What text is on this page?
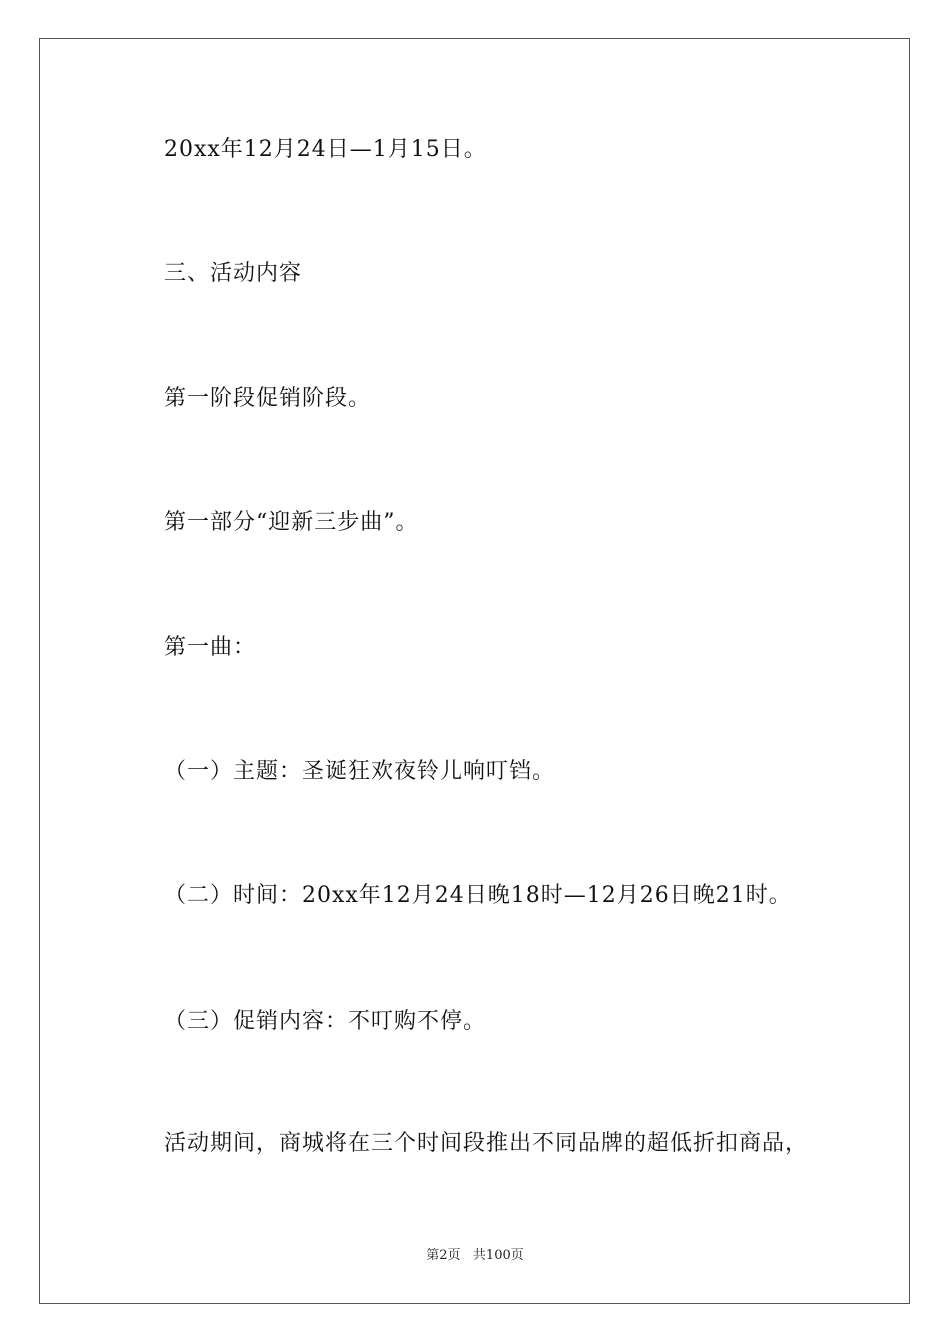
20xx年12月24日—1月15日。
三、活动内容
第一阶段促销阶段。
第一部分“迎新三步曲”。
第一曲：
（一）主题：圣诞狂欢夜铃儿响叮铛。
（二）时间：20xx年12月24日晚18时—12月26日晚21时。
（三）促销内容：不叮购不停。
活动期间，商城将在三个时间段推出不同品牌的超低折扣商品，
第2页   共100页
